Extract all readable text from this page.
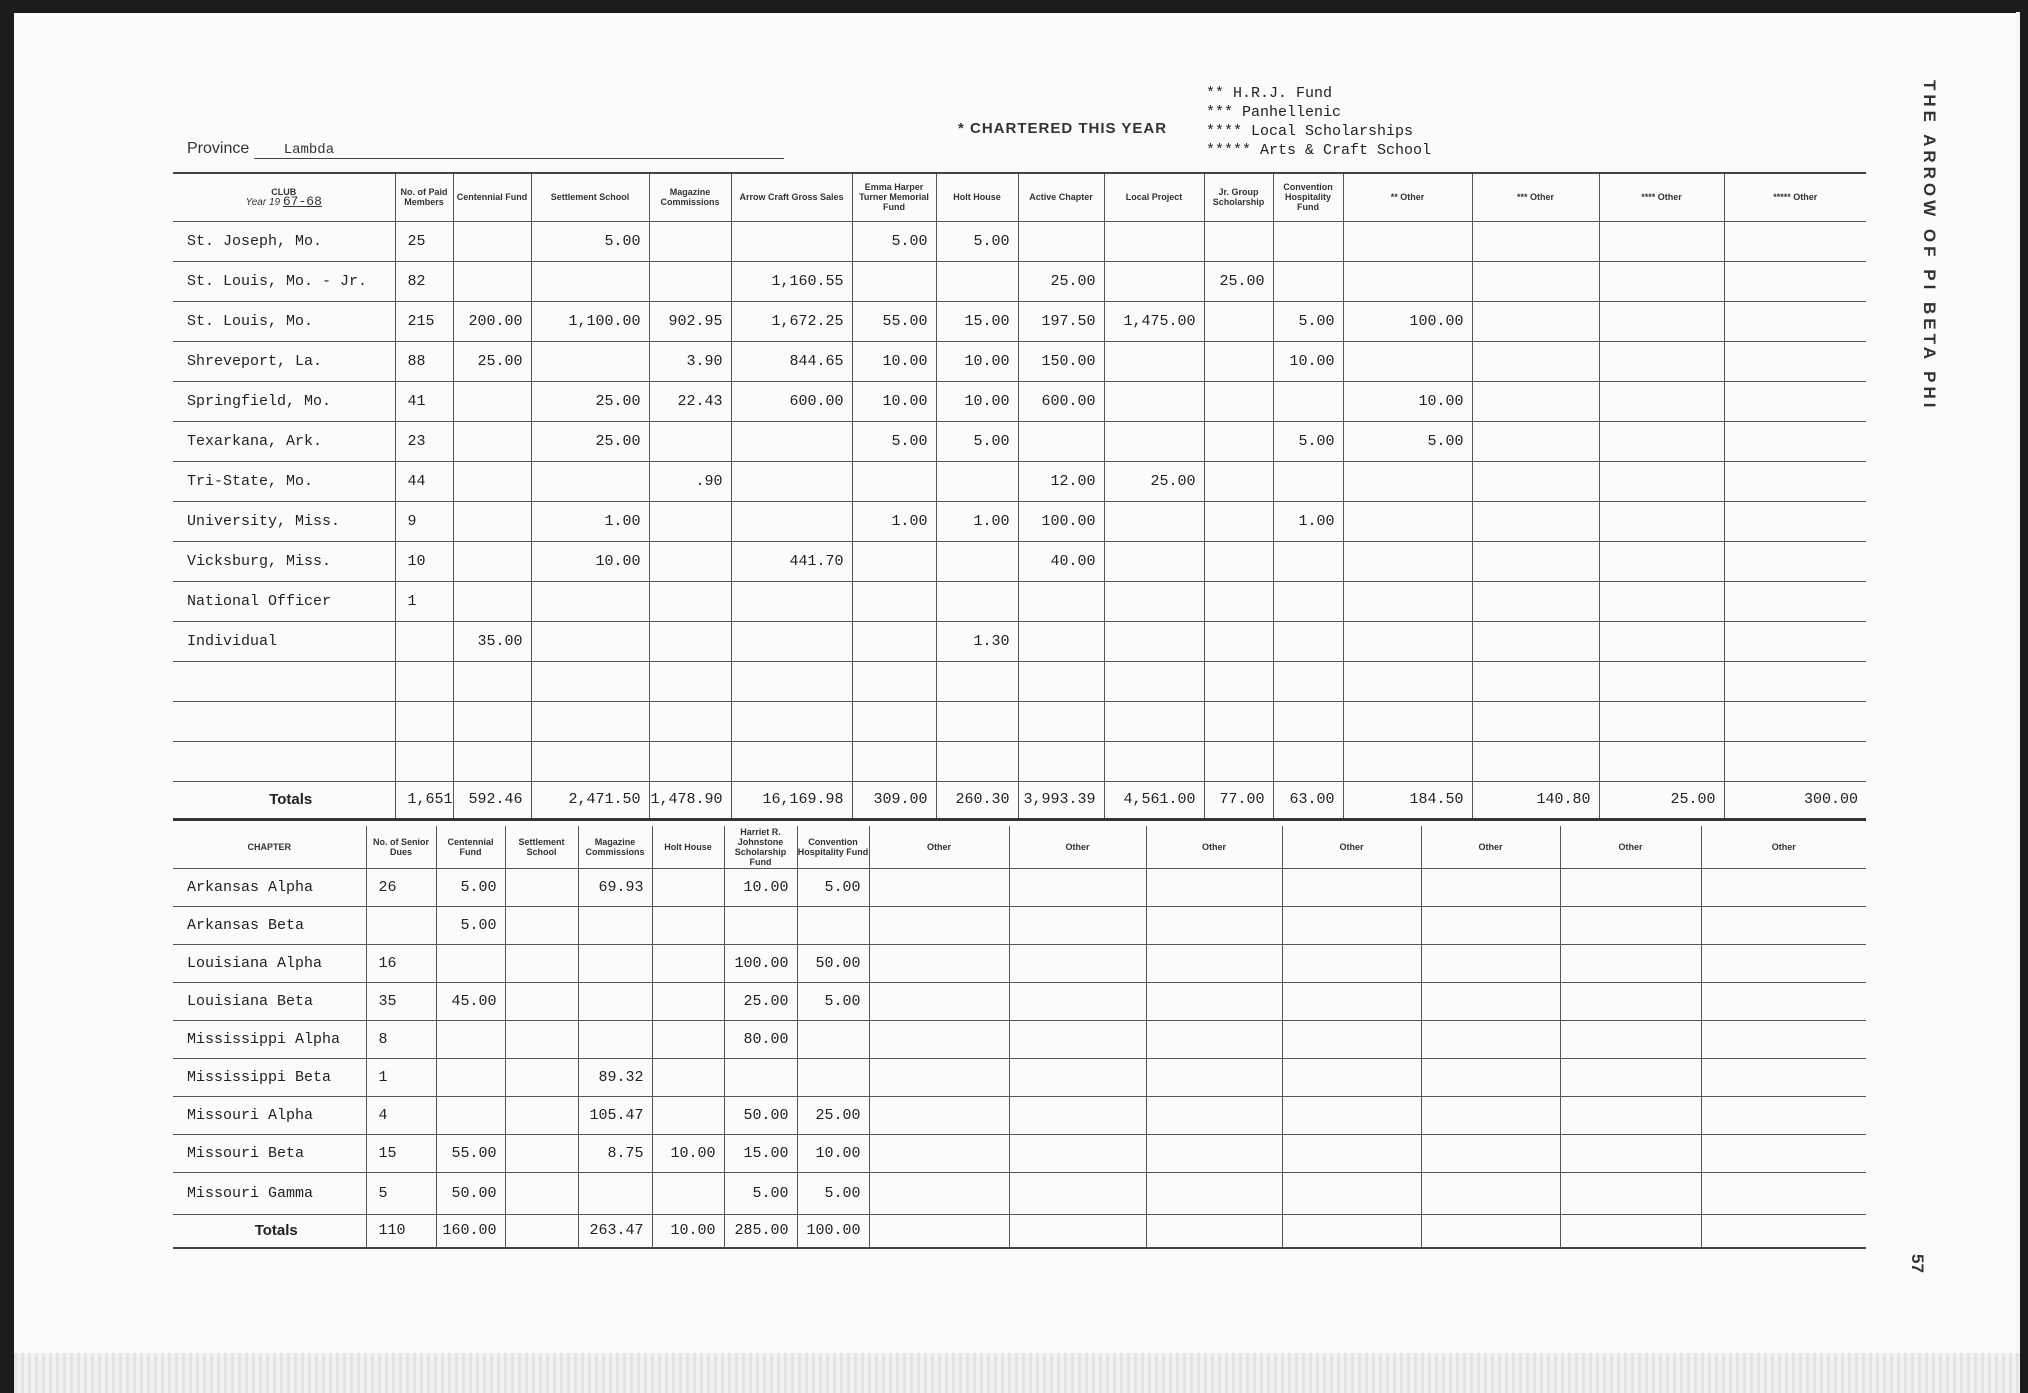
Province Lambda
* CHARTERED THIS YEAR
** H.R.J. Fund
*** Panhellenic
**** Local Scholarships
***** Arts & Craft School	THE ARROW OF PI BETA PHI
57
CLUB
Year 19 67-68	No. of Paid Members	Centennial Fund	Settlement School	Magazine Commissions	Arrow Craft Gross Sales	Emma Harper Turner Memorial Fund	Holt House	Active Chapter	Local Project	Jr. Group Scholarship	Convention Hospitality Fund	** Other	*** Other	**** Other	***** Other
St. Joseph, Mo.	25		5.00			5.00	5.00								
St. Louis, Mo. - Jr.	82				1,160.55			25.00		25.00					
St. Louis, Mo.	215	200.00	1,100.00	902.95	1,672.25	55.00	15.00	197.50	1,475.00		5.00	100.00			
Shreveport, La.	88	25.00		3.90	844.65	10.00	10.00	150.00			10.00				
Springfield, Mo.	41		25.00	22.43	600.00	10.00	10.00	600.00				10.00			
Texarkana, Ark.	23		25.00			5.00	5.00				5.00	5.00			
Tri-State, Mo.	44			.90				12.00	25.00						
University, Miss.	9		1.00			1.00	1.00	100.00			1.00				
Vicksburg, Miss.	10		10.00		441.70			40.00							
National Officer	1														
Individual		35.00					1.30								

Totals	1,651	592.46	2,471.50	1,478.90	16,169.98	309.00	260.30	3,993.39	4,561.00	77.00	63.00	184.50	140.80	25.00	300.00
CHAPTER	No. of Senior Dues	Centennial Fund	Settlement School	Magazine Commissions	Holt House	Harriet R. Johnstone Scholarship Fund	Convention Hospitality Fund	Other	Other	Other	Other	Other	Other	Other
Arkansas Alpha	26	5.00		69.93		10.00	5.00							
Arkansas Beta		5.00												
Louisiana Alpha	16					100.00	50.00							
Louisiana Beta	35	45.00				25.00	5.00							
Mississippi Alpha	8					80.00								
Mississippi Beta	1			89.32										
Missouri Alpha	4			105.47		50.00	25.00							
Missouri Beta	15	55.00		8.75	10.00	15.00	10.00							
Missouri Gamma	5	50.00				5.00	5.00							
Totals	110	160.00		263.47	10.00	285.00	100.00							
